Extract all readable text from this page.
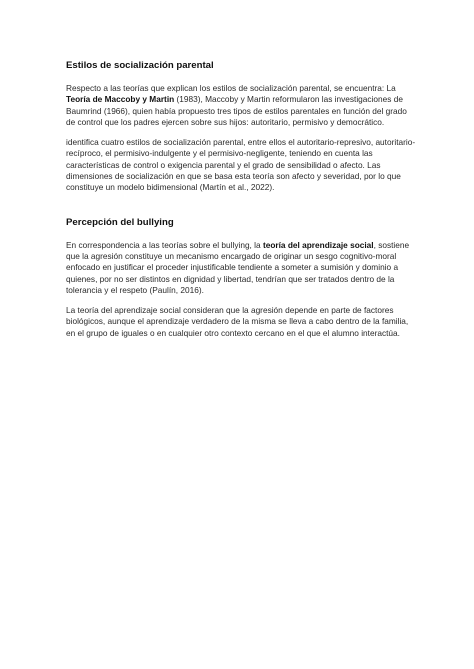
Estilos de socialización parental

Respecto a las teorías que explican los estilos de socialización parental, se encuentra: La Teoría de Maccoby y Martin (1983), Maccoby y Martin reformularon las investigaciones de Baumrind (1966), quien había propuesto tres tipos de estilos parentales en función del grado de control que los padres ejercen sobre sus hijos: autoritario, permisivo y democrático.

identifica cuatro estilos de socialización parental, entre ellos el autoritario-represivo, autoritario-recíproco, el permisivo-indulgente y el permisivo-negligente, teniendo en cuenta las características de control o exigencia parental y el grado de sensibilidad o afecto. Las dimensiones de socialización en que se basa esta teoría son afecto y severidad, por lo que constituye un modelo bidimensional (Martín et al., 2022).

Percepción del bullying

En correspondencia a las teorías sobre el bullying, la teoría del aprendizaje social, sostiene que la agresión constituye un mecanismo encargado de originar un sesgo cognitivo-moral enfocado en justificar el proceder injustificable tendiente a someter a sumisión y dominio a quienes, por no ser distintos en dignidad y libertad, tendrían que ser tratados dentro de la tolerancia y el respeto (Paulín, 2016).

La teoría del aprendizaje social consideran que la agresión depende en parte de factores biológicos, aunque el aprendizaje verdadero de la misma se lleva a cabo dentro de la familia, en el grupo de iguales o en cualquier otro contexto cercano en el que el alumno interactúa.
